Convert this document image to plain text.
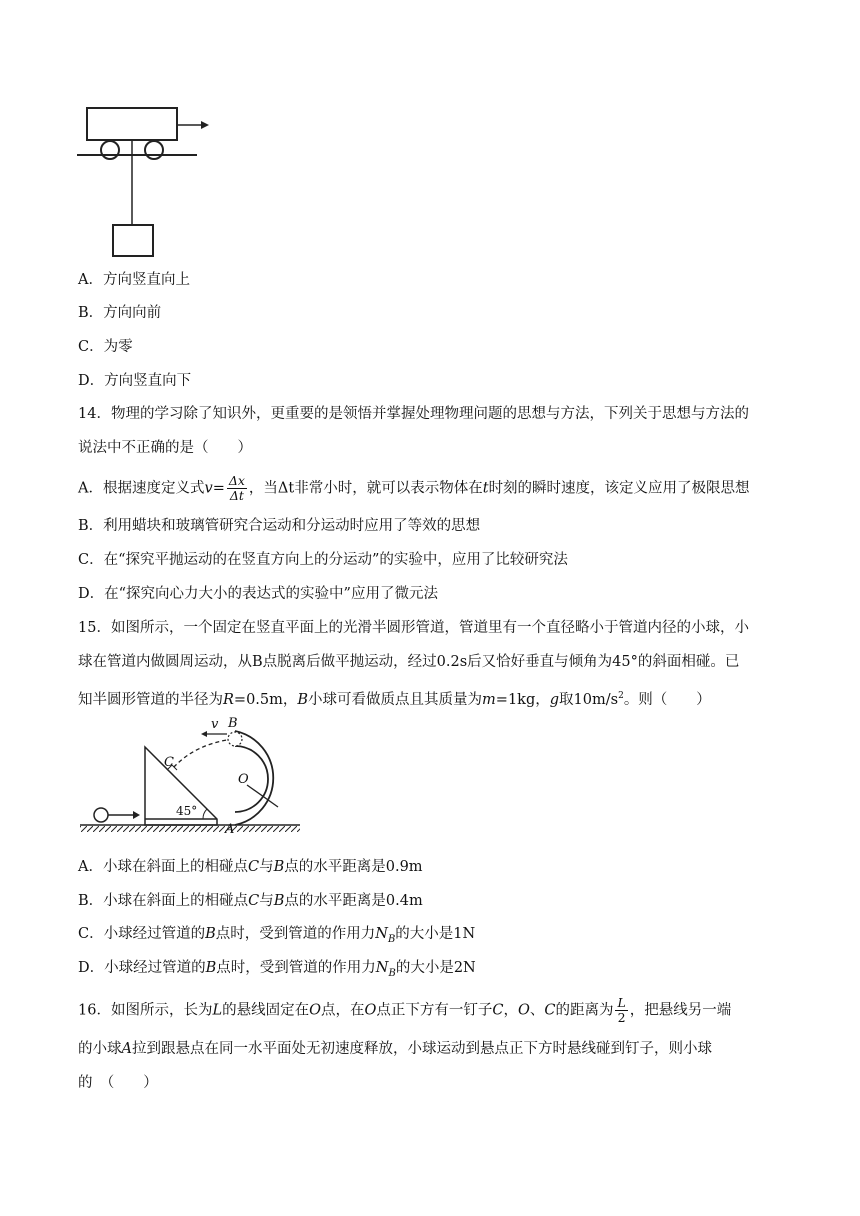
A．方向竖直向上
B．方向向前
C．为零
D．方向竖直向下
14．物理的学习除了知识外，更重要的是领悟并掌握处理物理问题的思想与方法，下列关于思想与方法的
说法中不正确的是（　　）
A．根据速度定义式$v= \frac{\Delta x}{\Delta t}$ ，当Δt非常小时，就可以表示物体在t时刻的瞬时速度，该定义应用了极限思想
B．利用蜡块和玻璃管研究合运动和分运动时应用了等效的思想
C．在“探究平抛运动的在竖直方向上的分运动”的实验中，应用了比较研究法
D．在“探究向心力大小的表达式的实验中”应用了微元法
15．如图所示，一个固定在竖直平面上的光滑半圆形管道，管道里有一个直径略小于管道内径的小球，小
球在管道内做圆周运动，从B点脱离后做平抛运动，经过0.2s后又恰好垂直与倾角为45°的斜面相碰。已
知半圆形管道的半径为R=0.5m，B小球可看做质点且其质量为m=1kg，g取$10m/s^2$。则（　　）
B
v
C
O
45°
A
A．小球在斜面上的相碰点C与B点的水平距离是0.9m
B．小球在斜面上的相碰点C与B点的水平距离是0.4m
C．小球经过管道的B点时，受到管道的作用力$N_B$的大小是1N
D．小球经过管道的B点时，受到管道的作用力$N_B$的大小是2N
16．如图所示，长为L的悬线固定在O点，在O点正下方有一钉子C，O、C的距离为 $\frac{L}{2}$ ，把悬线另一端
的小球A拉到跟悬点在同一水平面处无初速度释放，小球运动到悬点正下方时悬线碰到钉子，则小球
的　（　　）
